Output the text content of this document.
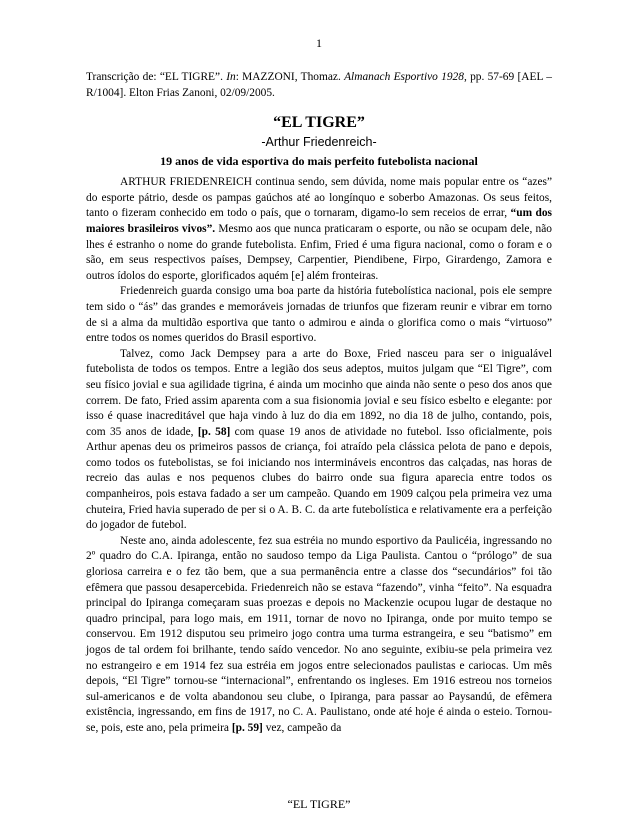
1

Transcrição de: “EL TIGRE”. In: MAZZONI, Thomaz. Almanach Esportivo 1928, pp. 57-69 [AEL – R/1004]. Elton Frias Zanoni, 02/09/2005.

“EL TIGRE”

-Arthur Friedenreich-

19 anos de vida esportiva do mais perfeito futebolista nacional

ARTHUR FRIEDENREICH continua sendo, sem dúvida, nome mais popular entre os “azes” do esporte pátrio, desde os pampas gaúchos até ao longínquo e soberbo Amazonas. Os seus feitos, tanto o fizeram conhecido em todo o país, que o tornaram, digamo-lo sem receios de errar, “um dos maiores brasileiros vivos”. Mesmo aos que nunca praticaram o esporte, ou não se ocupam dele, não lhes é estranho o nome do grande futebolista. Enfim, Fried é uma figura nacional, como o foram e o são, em seus respectivos países, Dempsey, Carpentier, Piendibene, Firpo, Girardengo, Zamora e outros ídolos do esporte, glorificados aquém [e] além fronteiras.

Friedenreich guarda consigo uma boa parte da história futebolística nacional, pois ele sempre tem sido o “ás” das grandes e memoráveis jornadas de triunfos que fizeram reunir e vibrar em torno de si a alma da multidão esportiva que tanto o admirou e ainda o glorifica como o mais “virtuoso” entre todos os nomes queridos do Brasil esportivo.

Talvez, como Jack Dempsey para a arte do Boxe, Fried nasceu para ser o inigualável futebolista de todos os tempos. Entre a legião dos seus adeptos, muitos julgam que “El Tigre”, com seu físico jovial e sua agilidade tigrina, é ainda um mocinho que ainda não sente o peso dos anos que correm. De fato, Fried assim aparenta com a sua fisionomia jovial e seu físico esbelto e elegante: por isso é quase inacreditável que haja vindo à luz do dia em 1892, no dia 18 de julho, contando, pois, com 35 anos de idade, [p. 58] com quase 19 anos de atividade no futebol. Isso oficialmente, pois Arthur apenas deu os primeiros passos de criança, foi atraído pela clássica pelota de pano e depois, como todos os futebolistas, se foi iniciando nos intermináveis encontros das calçadas, nas horas de recreio das aulas e nos pequenos clubes do bairro onde sua figura aparecia entre todos os companheiros, pois estava fadado a ser um campeão. Quando em 1909 calçou pela primeira vez uma chuteira, Fried havia superado de per si o A. B. C. da arte futebolística e relativamente era a perfeição do jogador de futebol.

Neste ano, ainda adolescente, fez sua estréia no mundo esportivo da Paulicéia, ingressando no 2º quadro do C.A. Ipiranga, então no saudoso tempo da Liga Paulista. Cantou o “prólogo” de sua gloriosa carreira e o fez tão bem, que a sua permanência entre a classe dos “secundários” foi tão efêmera que passou desapercebida. Friedenreich não se estava “fazendo”, vinha “feito”. Na esquadra principal do Ipiranga começaram suas proezas e depois no Mackenzie ocupou lugar de destaque no quadro principal, para logo mais, em 1911, tornar de novo no Ipiranga, onde por muito tempo se conservou. Em 1912 disputou seu primeiro jogo contra uma turma estrangeira, e seu “batismo” em jogos de tal ordem foi brilhante, tendo saído vencedor. No ano seguinte, exibiu-se pela primeira vez no estrangeiro e em 1914 fez sua estréia em jogos entre selecionados paulistas e cariocas. Um mês depois, “El Tigre” tornou-se “internacional”, enfrentando os ingleses. Em 1916 estreou nos torneios sul-americanos e de volta abandonou seu clube, o Ipiranga, para passar ao Paysandú, de efêmera existência, ingressando, em fins de 1917, no C. A. Paulistano, onde até hoje é ainda o esteio. Tornou-se, pois, este ano, pela primeira [p. 59] vez, campeão da

“EL TIGRE”
